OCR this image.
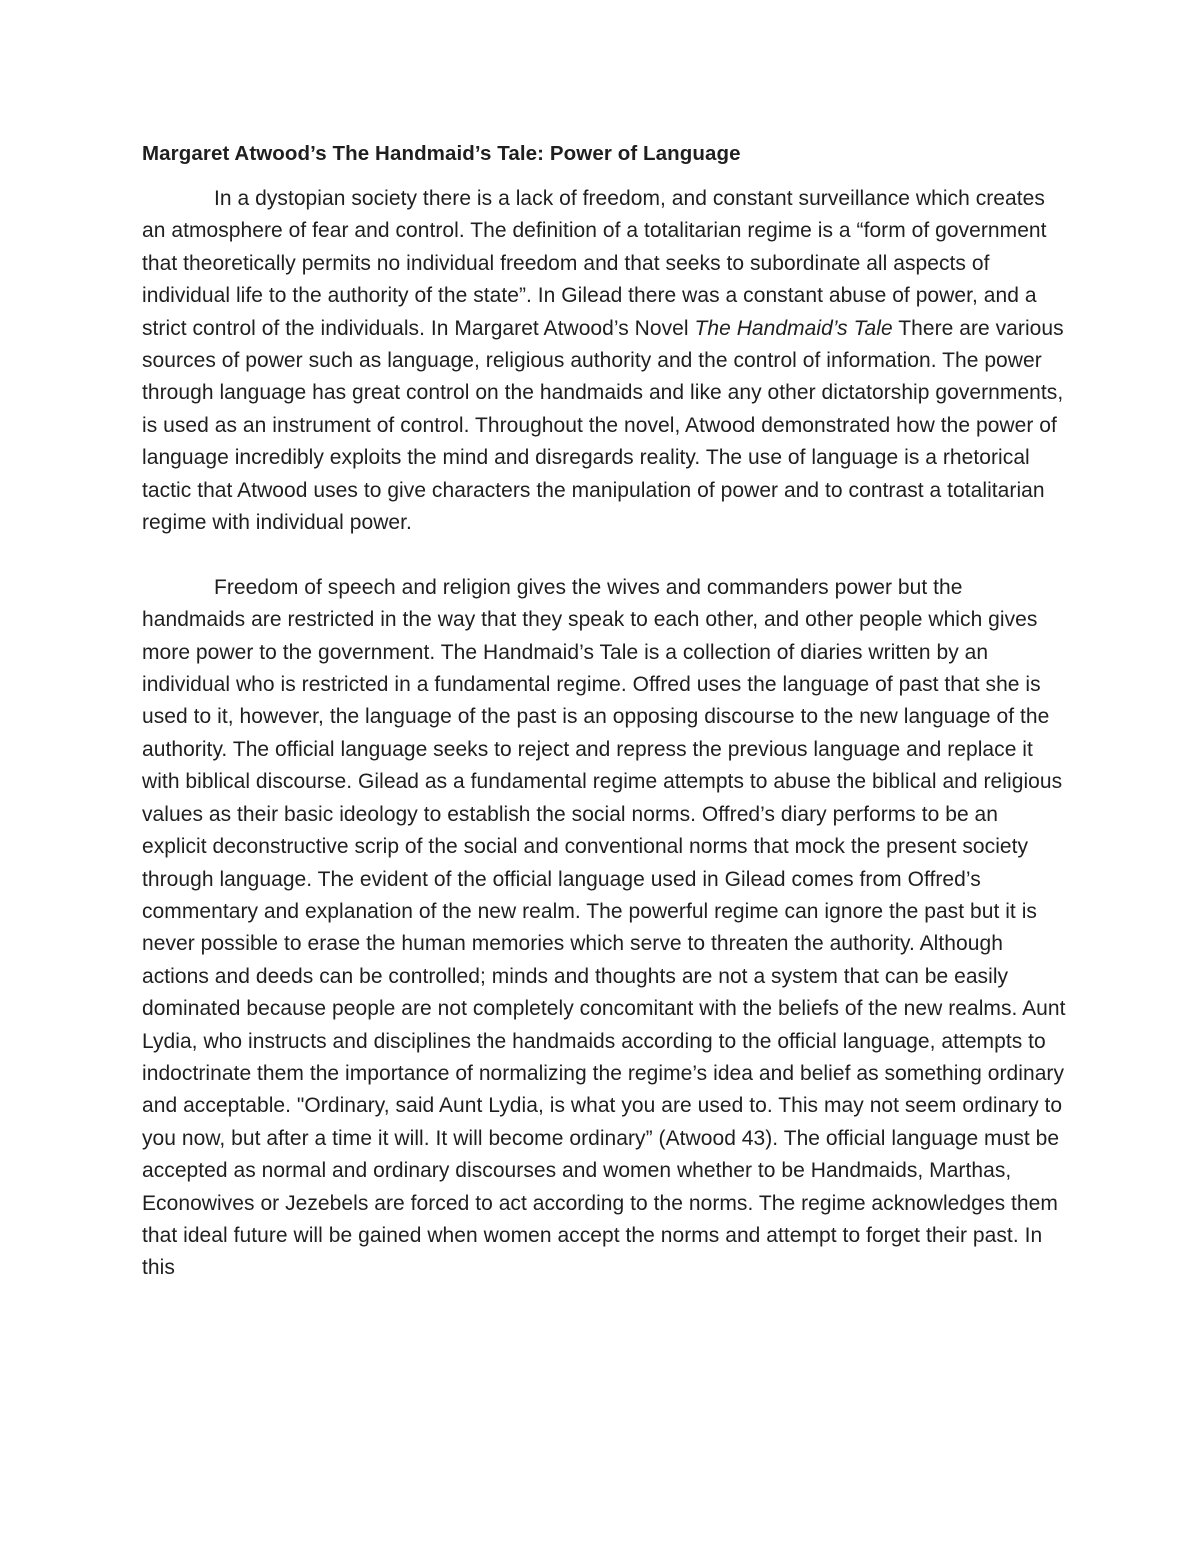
Margaret Atwood’s The Handmaid’s Tale: Power of Language

In a dystopian society there is a lack of freedom, and constant surveillance which creates an atmosphere of fear and control. The definition of a totalitarian regime is a “form of government that theoretically permits no individual freedom and that seeks to subordinate all aspects of individual life to the authority of the state”. In Gilead there was a constant abuse of power, and a strict control of the individuals. In Margaret Atwood’s Novel The Handmaid’s Tale There are various sources of power such as language, religious authority and the control of information. The power through language has great control on the handmaids and like any other dictatorship governments, is used as an instrument of control. Throughout the novel, Atwood demonstrated how the power of language incredibly exploits the mind and disregards reality. The use of language is a rhetorical tactic that Atwood uses to give characters the manipulation of power and to contrast a totalitarian regime with individual power.

Freedom of speech and religion gives the wives and commanders power but the handmaids are restricted in the way that they speak to each other, and other people which gives more power to the government. The Handmaid’s Tale is a collection of diaries written by an individual who is restricted in a fundamental regime. Offred uses the language of past that she is used to it, however, the language of the past is an opposing discourse to the new language of the authority. The official language seeks to reject and repress the previous language and replace it with biblical discourse. Gilead as a fundamental regime attempts to abuse the biblical and religious values as their basic ideology to establish the social norms. Offred’s diary performs to be an explicit deconstructive scrip of the social and conventional norms that mock the present society through language. The evident of the official language used in Gilead comes from Offred’s commentary and explanation of the new realm. The powerful regime can ignore the past but it is never possible to erase the human memories which serve to threaten the authority. Although actions and deeds can be controlled; minds and thoughts are not a system that can be easily dominated because people are not completely concomitant with the beliefs of the new realms. Aunt Lydia, who instructs and disciplines the handmaids according to the official language, attempts to indoctrinate them the importance of normalizing the regime’s idea and belief as something ordinary and acceptable. "Ordinary, said Aunt Lydia, is what you are used to. This may not seem ordinary to you now, but after a time it will. It will become ordinary” (Atwood 43). The official language must be accepted as normal and ordinary discourses and women whether to be Handmaids, Marthas, Econowives or Jezebels are forced to act according to the norms. The regime acknowledges them that ideal future will be gained when women accept the norms and attempt to forget their past. In this
